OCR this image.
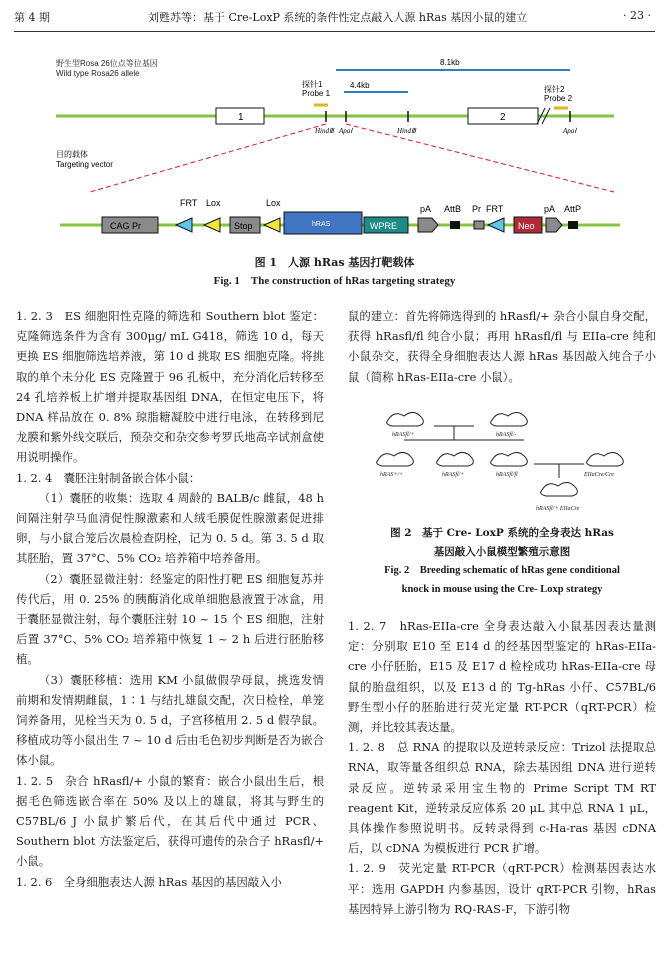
第 4 期	刘甦苏等：基于 Cre-LoxP 系统的条件性定点敲入人源 hRas 基因小鼠的建立	· 23 ·
野生型Rosa 26位点等位基因
Wild type Rosa26 allele
8.1kb
4.4kb
探针1
Probe 1	探针2
Probe 2
1	2
HindⅢ ApaⅠ	HindⅢ	ApaⅠ
目的载体
Targeting vector
CAG Pr
FRT Lox
Stop
Lox
hRAS	WPRE
pA AttB Pr FRT
Neo
pA AttP
图 1　人源 hRas 基因打靶载体
Fig. 1　The construction of hRas targeting strategy

1. 2. 3　ES 细胞阳性克隆的筛选和 Southern blot 鉴定：克隆筛选条件为含有 300μg/ mL G418，筛选 10 d，每天更换 ES 细胞筛选培养液，第 10 d 挑取 ES 细胞克隆。将挑取的单个未分化 ES 克隆置于 96 孔板中，充分消化后转移至 24 孔培养板上扩增并提取基因组 DNA，在恒定电压下，将 DNA 样品放在 0. 8% 琼脂糖凝胶中进行电泳，在转移到尼龙膜和紫外线交联后，预杂交和杂交参考罗氏地高辛试剂盒使用说明操作。

1. 2. 4　囊胚注射制备嵌合体小鼠：

（1）囊胚的收集：选取 4 周龄的 BALB/c 雌鼠，48 h 间隔注射孕马血清促性腺激素和人绒毛膜促性腺激素促进排卵，与小鼠合笼后次晨检查阴栓，记为 0. 5 d。第 3. 5 d 取其胚胎，置 37°C、5% CO₂ 培养箱中培养备用。

（2）囊胚显微注射：经鉴定的阳性打靶 ES 细胞复苏并传代后，用 0. 25% 的胰酶消化成单细胞悬液置于冰盒，用于囊胚显微注射，每个囊胚注射 10 ~ 15 个 ES 细胞，注射后置 37°C、5% CO₂ 培养箱中恢复 1 ~ 2 h 后进行胚胎移植。

（3）囊胚移植：选用 KM 小鼠做假孕母鼠，挑选发情前期和发情期雌鼠，1∶1 与结扎雄鼠交配，次日检栓，单笼饲养备用，见栓当天为 0. 5 d，子宫移植用 2. 5 d 假孕鼠。移植成功等小鼠出生 7 ~ 10 d 后由毛色初步判断是否为嵌合体小鼠。

1. 2. 5　杂合 hRasfl/+ 小鼠的繁育：嵌合小鼠出生后，根据毛色筛选嵌合率在 50% 及以上的雄鼠，将其与野生的 C57BL/6 J 小鼠扩繁后代，在其后代中通过 PCR、Southern blot 方法鉴定后，获得可遗传的杂合子 hRasfl/+ 小鼠。

1. 2. 6　全身细胞表达人源 hRas 基因的基因敲入小

鼠的建立：首先将筛选得到的 hRasfl/+ 杂合小鼠自身交配，获得 hRasfl/fl 纯合小鼠；再用 hRasfl/fl 与 EIIa-cre 纯和小鼠杂交，获得全身细胞表达人源 hRas 基因敲入纯合子小鼠（简称 hRas-EIIa-cre 小鼠）。

hRASfl/+	hRASfl/-
hRAS+/+	hRASfl/+	hRASfl/fl	EIIaCre/Cre
hRASfl/+ EIIaCre
图 2　基于 Cre- LoxP 系统的全身表达 hRas
基因敲入小鼠模型繁殖示意图
Fig. 2　Breeding schematic of hRas gene conditional
knock in mouse using the Cre- Loxp strategy

1. 2. 7　hRas-EIIa-cre 全身表达敲入小鼠基因表达量测定：分别取 E10 至 E14 d 的经基因型鉴定的 hRas-EIIa-cre 小仔胚胎，E15 及 E17 d 检栓成功 hRas-EIIa-cre 母鼠的胎盘组织，以及 E13 d 的 Tg-hRas 小仔、C57BL/6 野生型小仔的胚胎进行荧光定量 RT-PCR（qRT-PCR）检测，并比较其表达量。

1. 2. 8　总 RNA 的提取以及逆转录反应：Trizol 法提取总 RNA，取等量各组织总 RNA，除去基因组 DNA 进行逆转录反应。逆转录采用宝生物的 Prime Script TM RT reagent Kit，逆转录反应体系 20 μL 其中总 RNA 1 μL，具体操作参照说明书。反转录得到 c-Ha-ras 基因 cDNA 后，以 cDNA 为模板进行 PCR 扩增。

1. 2. 9　荧光定量 RT-PCR（qRT-PCR）检测基因表达水平：选用 GAPDH 内参基因，设计 qRT-PCR 引物，hRas 基因特异上游引物为 RQ-RAS-F，下游引物
